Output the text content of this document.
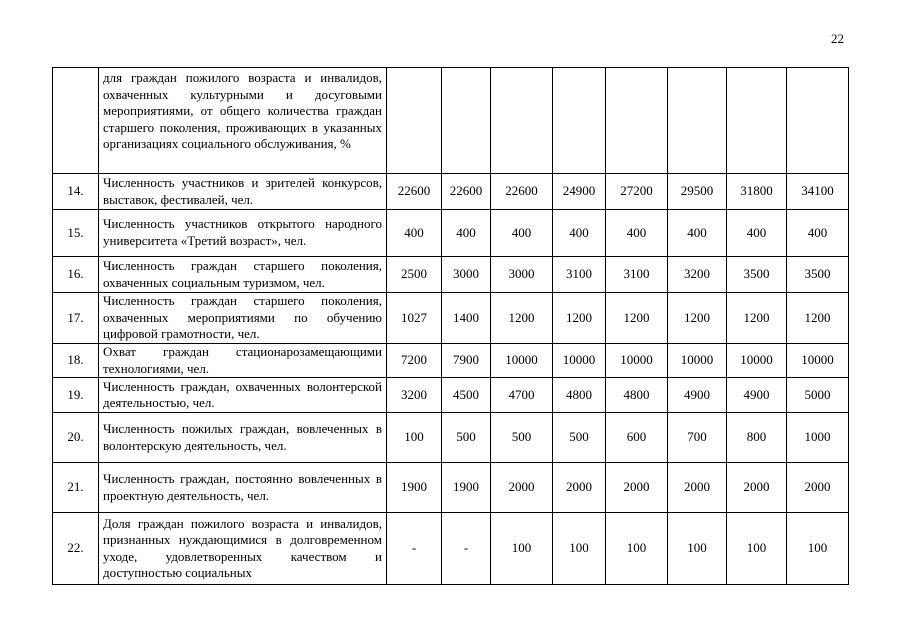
22
	для граждан пожилого возраста и инвалидов, охваченных культурными и досуговыми мероприятиями, от общего количества граждан старшего поколения, проживающих в указанных организациях социального обслуживания, %								
14.	Численность участников и зрителей конкурсов, выставок, фестивалей, чел.	22600	22600	22600	24900	27200	29500	31800	34100
15.	Численность участников открытого народного университета «Третий возраст», чел.	400	400	400	400	400	400	400	400
16.	Численность граждан старшего поколения, охваченных социальным туризмом, чел.	2500	3000	3000	3100	3100	3200	3500	3500
17.	Численность граждан старшего поколения, охваченных мероприятиями по обучению цифровой грамотности, чел.	1027	1400	1200	1200	1200	1200	1200	1200
18.	Охват граждан стационарозамещающими технологиями, чел.	7200	7900	10000	10000	10000	10000	10000	10000
19.	Численность граждан, охваченных волонтерской деятельностью, чел.	3200	4500	4700	4800	4800	4900	4900	5000
20.	Численность пожилых граждан, вовлеченных в волонтерскую деятельность, чел.	100	500	500	500	600	700	800	1000
21.	Численность граждан, постоянно вовлеченных в проектную деятельность, чел.	1900	1900	2000	2000	2000	2000	2000	2000
22.	Доля граждан пожилого возраста и инвалидов, признанных нуждающимися в долговременном уходе, удовлетворенных качеством и доступностью социальных	-	-	100	100	100	100	100	100
